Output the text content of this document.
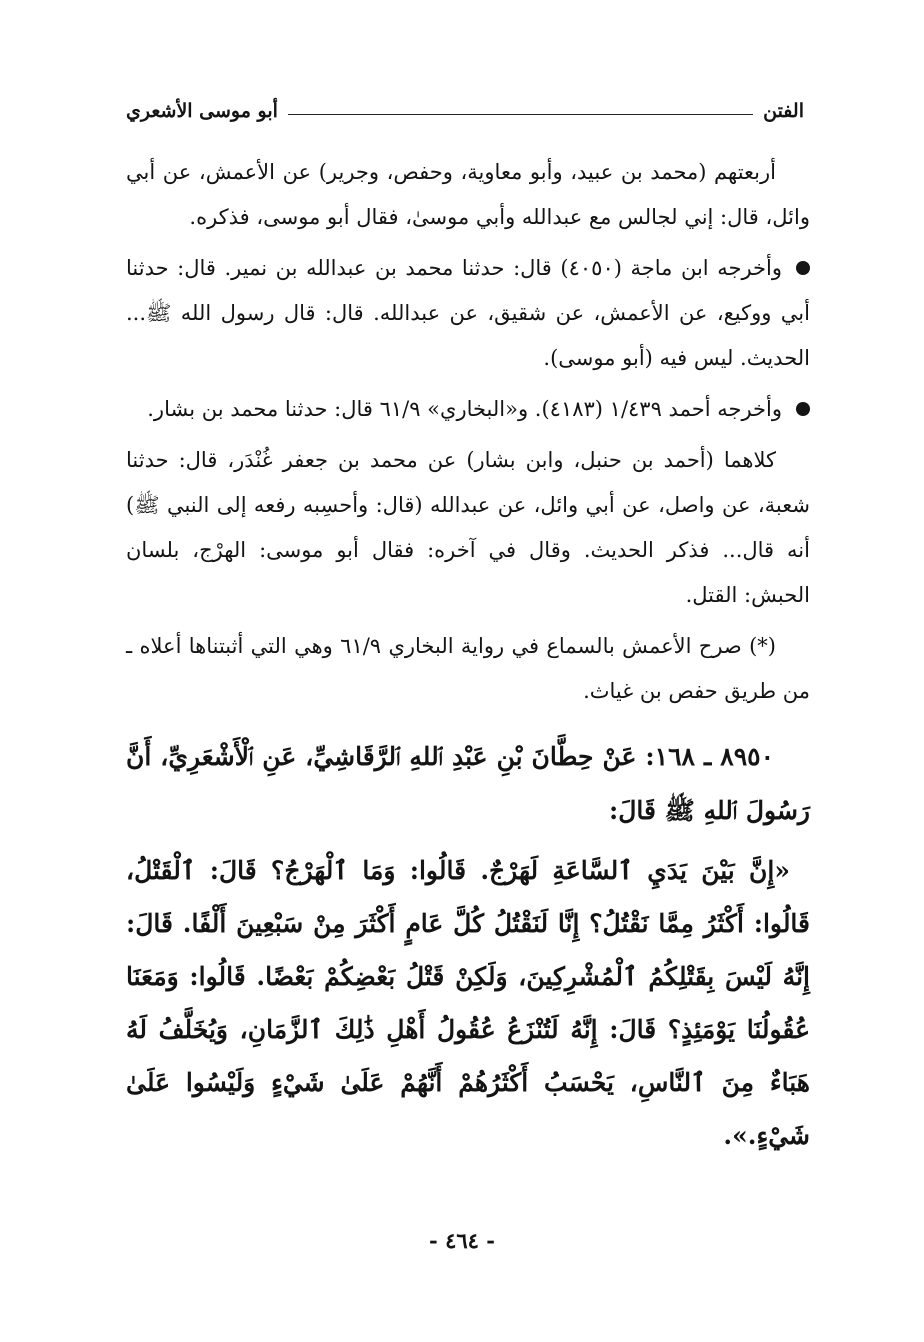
الفتن
أبو موسى الأشعري

أربعتهم (محمد بن عبيد، وأبو معاوية، وحفص، وجرير) عن الأعمش، عن أبي وائل، قال: إني لجالس مع عبدالله وأبي موسىٰ، فقال أبو موسى، فذكره.

وأخرجه ابن ماجة (٤٠٥٠) قال: حدثنا محمد بن عبدالله بن نمير. قال: حدثنا أبي ووكيع، عن الأعمش، عن شقيق، عن عبدالله. قال: قال رسول الله ﷺ... الحديث. ليس فيه (أبو موسى).

وأخرجه أحمد ١/٤٣٩ (٤١٨٣). و«البخاري» ٦١/٩ قال: حدثنا محمد بن بشار.

كلاهما (أحمد بن حنبل، وابن بشار) عن محمد بن جعفر غُنْدَر، قال: حدثنا شعبة، عن واصل، عن أبي وائل، عن عبدالله (قال: وأحسِبه رفعه إلى النبي ﷺ) أنه قال... فذكر الحديث. وقال في آخره: فقال أبو موسى: الهرْج، بلسان الحبش: القتل.

(*) صرح الأعمش بالسماع في رواية البخاري ٦١/٩ وهي التي أثبتناها أعلاه ـ من طريق حفص بن غياث.

٨٩٥٠ ـ ١٦٨: عَنْ حِطَّانَ بْنِ عَبْدِ ٱللهِ ٱلرَّقَاشِيِّ، عَنِ ٱلْأَشْعَرِيِّ، أَنَّ رَسُولَ ٱللهِ ﷺ قَالَ:

«إِنَّ بَيْنَ يَدَيِ ٱلسَّاعَةِ لَهَرْجٌ. قَالُوا: وَمَا ٱلْهَرْجُ؟ قَالَ: ٱلْقَتْلُ، قَالُوا: أَكْثَرُ مِمَّا نَقْتُلُ؟ إِنَّا لَنَقْتُلُ كُلَّ عَامٍ أَكْثَرَ مِنْ سَبْعِينَ أَلْفًا. قَالَ: إِنَّهُ لَيْسَ بِقَتْلِكُمُ ٱلْمُشْرِكِينَ، وَلَكِنْ قَتْلُ بَعْضِكُمْ بَعْضًا. قَالُوا: وَمَعَنَا عُقُولُنَا يَوْمَئِذٍ؟ قَالَ: إِنَّهُ لَتُنْزَعُ عُقُولُ أَهْلِ ذَٰلِكَ ٱلزَّمَانِ، وَيُخَلَّفُ لَهُ هَبَاءٌ مِنَ ٱلنَّاسِ، يَحْسَبُ أَكْثَرُهُمْ أَنَّهُمْ عَلَىٰ شَيْءٍ وَلَيْسُوا عَلَىٰ شَيْءٍ.».

- ٤٦٤ -
